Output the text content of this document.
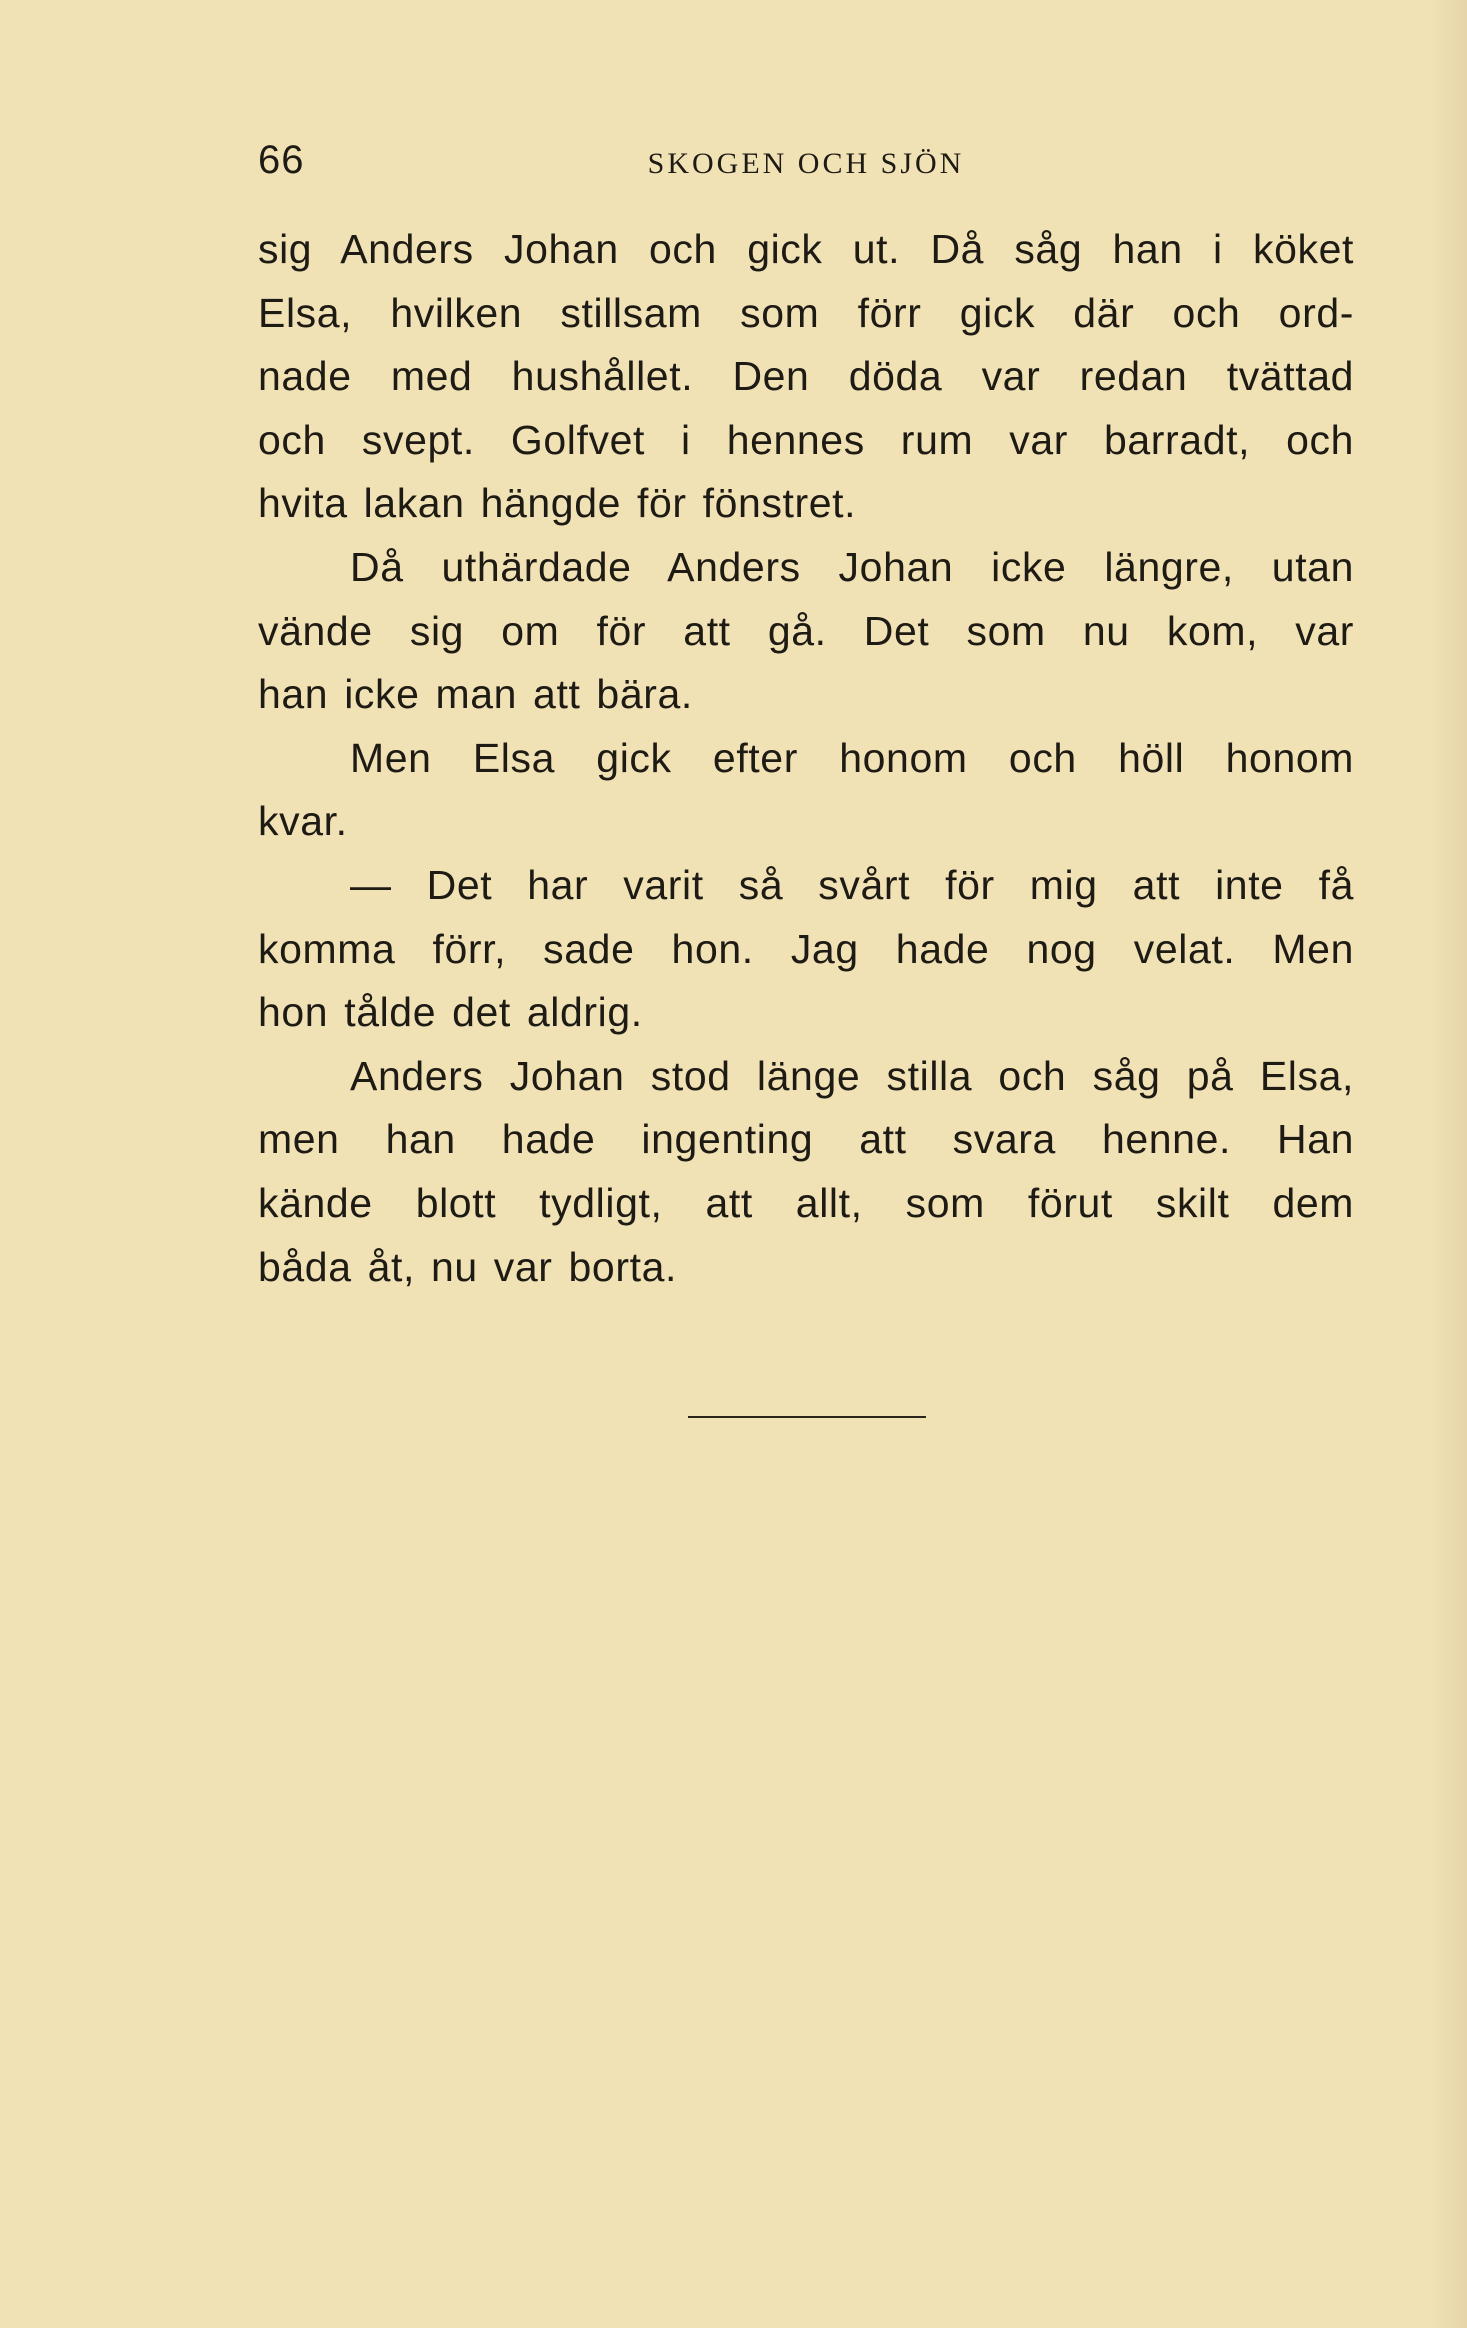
66	SKOGEN OCH SJÖN
sig Anders Johan och gick ut. Då såg han i köket
Elsa, hvilken stillsam som förr gick där och ord-
nade med hushållet. Den döda var redan tvättad
och svept. Golfvet i hennes rum var barradt, och
hvita lakan hängde för fönstret.
Då uthärdade Anders Johan icke längre, utan
vände sig om för att gå. Det som nu kom, var
han icke man att bära.
Men Elsa gick efter honom och höll honom
kvar.
— Det har varit så svårt för mig att inte få
komma förr, sade hon. Jag hade nog velat. Men
hon tålde det aldrig.
Anders Johan stod länge stilla och såg på Elsa,
men han hade ingenting att svara henne. Han
kände blott tydligt, att allt, som förut skilt dem
båda åt, nu var borta.
